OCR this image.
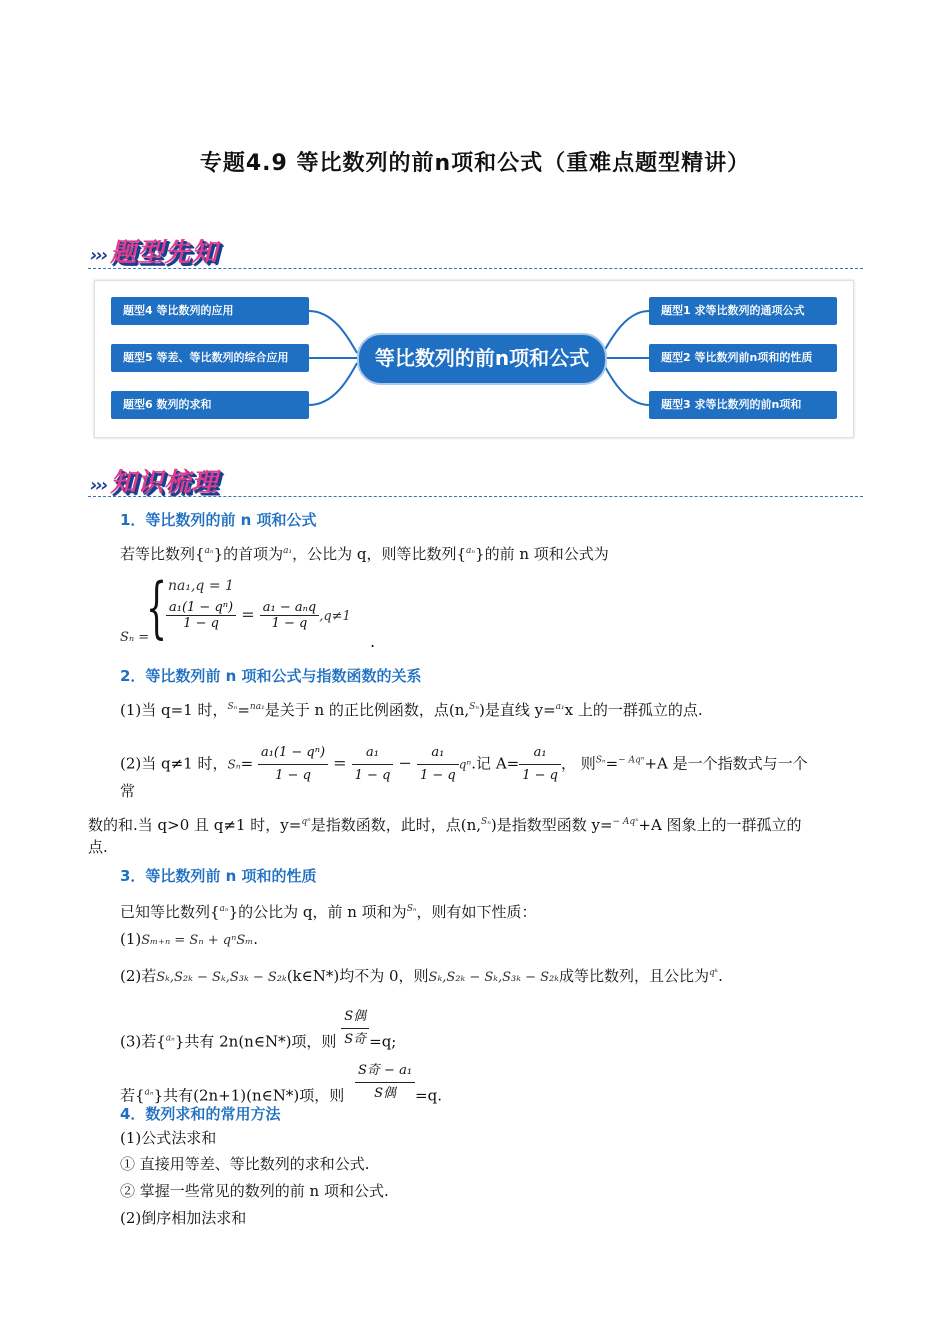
专题4.9 等比数列的前n项和公式（重难点题型精讲）
››› 题型先知
题型4 等比数列的应用
题型5 等差、等比数列的综合应用
题型6 数列的求和
等比数列的前n项和公式
题型1 求等比数列的通项公式
题型2 等比数列前n项和的性质
题型3 求等比数列的前n项和
››› 知识梳理
1．等比数列的前 n 项和公式
若等比数列{$^{a_n}$}的首项为$^{a_1}$，公比为 q，则等比数列{$^{a_n}$}的前 n 项和公式为
Sₙ =
{ na₁,q = 1
$\frac{\text{a₁(1 − qⁿ)}}{1 - q} = \frac{\text{a₁ − aₙq}}{1 - q} ,q\ne 1$
.
2．等比数列前 n 项和公式与指数函数的关系
(1)当 q=1 时，$^{S_n}$=$^{na_1}$是关于 n 的正比例函数，点(n,$^{S_n}$)是直线 y=$^{a_1}$x 上的一群孤立的点.
(2)当 q≠1 时，$S_n= \frac{\text{a₁(1 − qⁿ)}}{1 - q} = \frac{\text{a₁}}{1 - q} - \frac{\text{a₁}}{1 - q} q^n$.记 $A= \frac{\text{a₁}}{1 - q}$ ， 则$^{S_n}$=$^{- Aq^n}$+A 是一个指数式与一个
常
数的和.当 q>0 且 q≠1 时，y=$^{q^n}$是指数函数，此时，点(n,$^{S_n}$)是指数型函数 y=$^{- Aqˣ}$+A 图象上的一群孤立的
点.
3．等比数列前 n 项和的性质
已知等比数列{$^{a_n}$}的公比为 q，前 n 项和为$^{S_n}$，则有如下性质：
(1)Sₘ₊ₙ = Sₙ + qⁿSₘ.
(2)若Sₖ,S₂ₖ − Sₖ,S₃ₖ − S₂ₖ(k∈N*)均不为 0，则Sₖ,S₂ₖ − Sₖ,S₃ₖ − S₂ₖ成等比数列，且公比为$^{qᵏ}$.
(3)若{$^{a_n}$}共有 2n(n∈N*)项，则 $\frac{\text{S偶}}{\text{S奇}} =q$;
若{$^{a_n}$}共有(2n+1)(n∈N*)项，则 $\frac{\text{S奇 − a₁}}{\text{S偶}} =q$.
4．数列求和的常用方法
(1)公式法求和
① 直接用等差、等比数列的求和公式.
② 掌握一些常见的数列的前 n 项和公式.
(2)倒序相加法求和
